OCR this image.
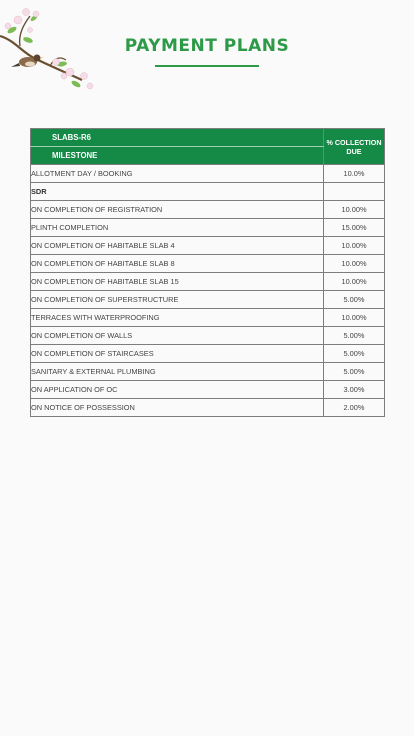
PAYMENT PLANS
SLABS-R6	% COLLECTION DUE
MILESTONE	
ALLOTMENT DAY / BOOKING	10.0%
SDR	
ON COMPLETION OF REGISTRATION	10.00%
PLINTH COMPLETION	15.00%
ON COMPLETION OF HABITABLE SLAB 4	10.00%
ON COMPLETION OF HABITABLE SLAB 8	10.00%
ON COMPLETION OF HABITABLE SLAB 15	10.00%
ON COMPLETION OF SUPERSTRUCTURE	5.00%
TERRACES WITH WATERPROOFING	10.00%
ON COMPLETION OF WALLS	5.00%
ON COMPLETION OF STAIRCASES	5.00%
SANITARY & EXTERNAL PLUMBING	5.00%
ON APPLICATION OF OC	3.00%
ON NOTICE OF POSSESSION	2.00%
